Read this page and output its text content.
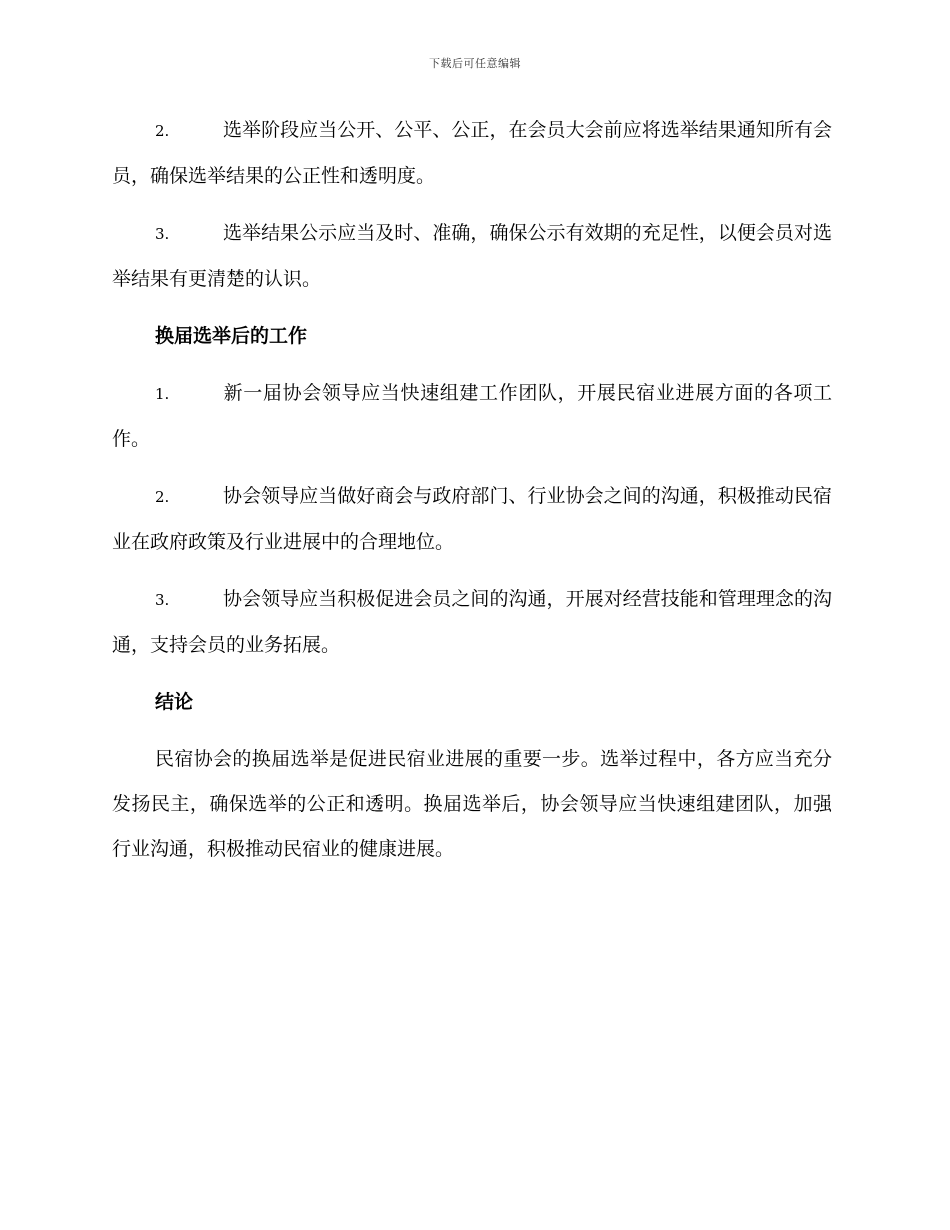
下载后可任意编辑

2.	选举阶段应当公开、公平、公正，在会员大会前应将选举结果通知所有会员，确保选举结果的公正性和透明度。

3.	选举结果公示应当及时、准确，确保公示有效期的充足性，以便会员对选举结果有更清楚的认识。

换届选举后的工作

1.	新一届协会领导应当快速组建工作团队，开展民宿业进展方面的各项工作。

2.	协会领导应当做好商会与政府部门、行业协会之间的沟通，积极推动民宿业在政府政策及行业进展中的合理地位。

3.	协会领导应当积极促进会员之间的沟通，开展对经营技能和管理理念的沟通，支持会员的业务拓展。

结论

民宿协会的换届选举是促进民宿业进展的重要一步。选举过程中，各方应当充分发扬民主，确保选举的公正和透明。换届选举后，协会领导应当快速组建团队，加强行业沟通，积极推动民宿业的健康进展。
